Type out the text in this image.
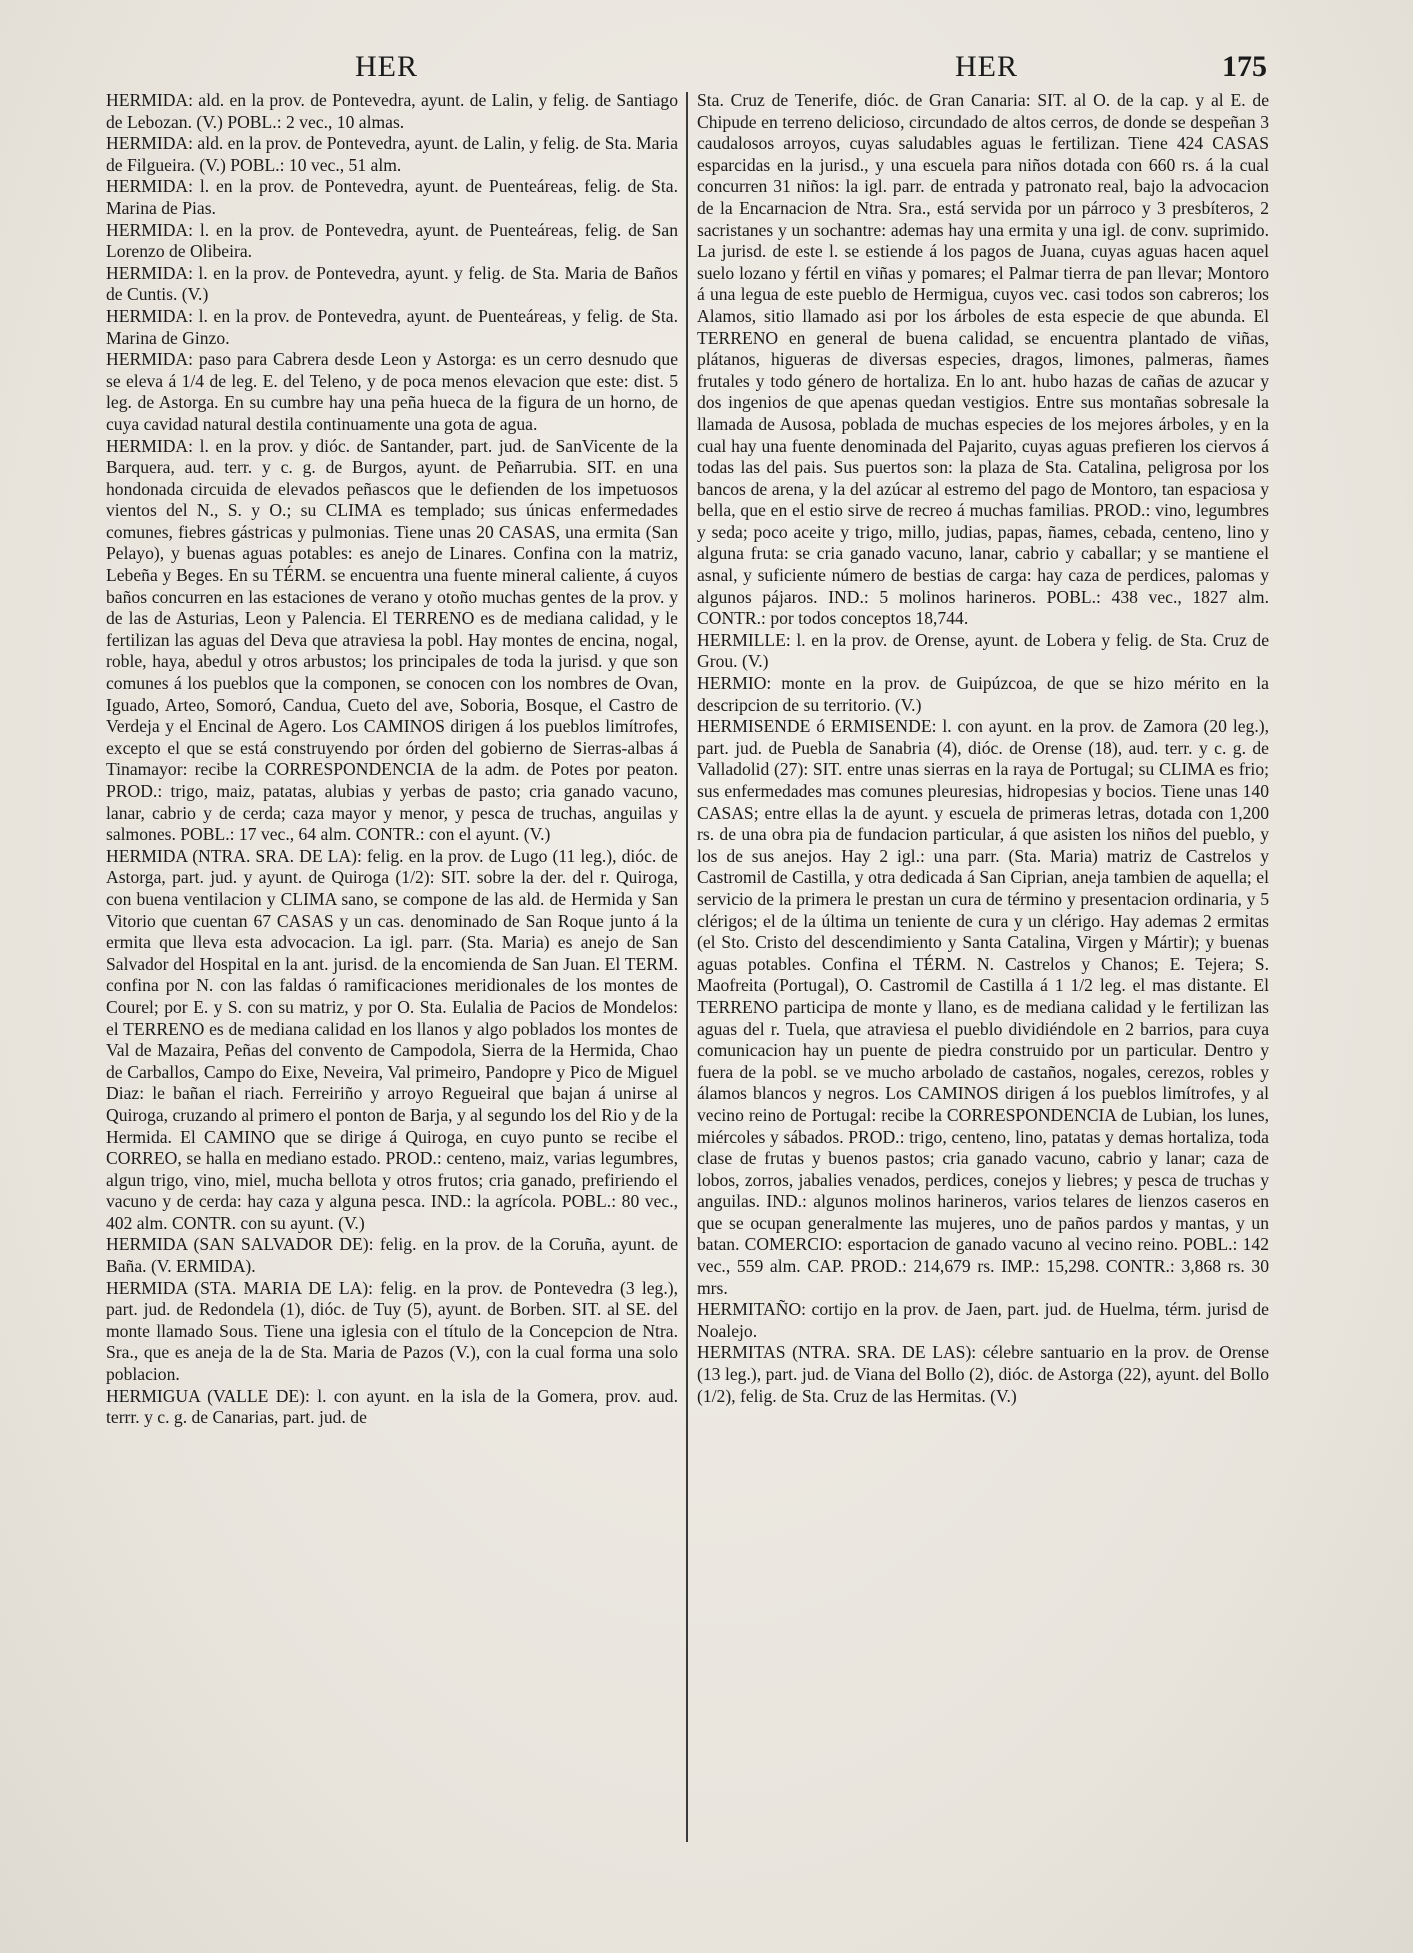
HER	HER	175

HERMIDA: ald. en la prov. de Pontevedra, ayunt. de Lalin, y felig. de Santiago de Lebozan. (V.) POBL.: 2 vec., 10 almas.

HERMIDA: ald. en la prov. de Pontevedra, ayunt. de Lalin, y felig. de Sta. Maria de Filgueira. (V.) POBL.: 10 vec., 51 alm.

HERMIDA: l. en la prov. de Pontevedra, ayunt. de Puenteáreas, felig. de Sta. Marina de Pias.

HERMIDA: l. en la prov. de Pontevedra, ayunt. de Puenteáreas, felig. de San Lorenzo de Olibeira.

HERMIDA: l. en la prov. de Pontevedra, ayunt. y felig. de Sta. Maria de Baños de Cuntis. (V.)

HERMIDA: l. en la prov. de Pontevedra, ayunt. de Puenteáreas, y felig. de Sta. Marina de Ginzo.

HERMIDA: paso para Cabrera desde Leon y Astorga: es un cerro desnudo que se eleva á 1/4 de leg. E. del Teleno, y de poca menos elevacion que este: dist. 5 leg. de Astorga. En su cumbre hay una peña hueca de la figura de un horno, de cuya cavidad natural destila continuamente una gota de agua.

HERMIDA: l. en la prov. y dióc. de Santander, part. jud. de SanVicente de la Barquera, aud. terr. y c. g. de Burgos, ayunt. de Peñarrubia. SIT. en una hondonada circuida de elevados peñascos que le defienden de los impetuosos vientos del N., S. y O.; su CLIMA es templado; sus únicas enfermedades comunes, fiebres gástricas y pulmonias. Tiene unas 20 CASAS, una ermita (San Pelayo), y buenas aguas potables: es anejo de Linares. Confina con la matriz, Lebeña y Beges. En su TÉRM. se encuentra una fuente mineral caliente, á cuyos baños concurren en las estaciones de verano y otoño muchas gentes de la prov. y de las de Asturias, Leon y Palencia. El TERRENO es de mediana calidad, y le fertilizan las aguas del Deva que atraviesa la pobl. Hay montes de encina, nogal, roble, haya, abedul y otros arbustos; los principales de toda la jurisd. y que son comunes á los pueblos que la componen, se conocen con los nombres de Ovan, Iguado, Arteo, Somoró, Candua, Cueto del ave, Soboria, Bosque, el Castro de Verdeja y el Encinal de Agero. Los CAMINOS dirigen á los pueblos limítrofes, excepto el que se está construyendo por órden del gobierno de Sierras-albas á Tinamayor: recibe la CORRESPONDENCIA de la adm. de Potes por peaton. PROD.: trigo, maiz, patatas, alubias y yerbas de pasto; cria ganado vacuno, lanar, cabrio y de cerda; caza mayor y menor, y pesca de truchas, anguilas y salmones. POBL.: 17 vec., 64 alm. CONTR.: con el ayunt. (V.)

HERMIDA (NTRA. SRA. DE LA): felig. en la prov. de Lugo (11 leg.), dióc. de Astorga, part. jud. y ayunt. de Quiroga (1/2): SIT. sobre la der. del r. Quiroga, con buena ventilacion y CLIMA sano, se compone de las ald. de Hermida y San Vitorio que cuentan 67 CASAS y un cas. denominado de San Roque junto á la ermita que lleva esta advocacion. La igl. parr. (Sta. Maria) es anejo de San Salvador del Hospital en la ant. jurisd. de la encomienda de San Juan. El TERM. confina por N. con las faldas ó ramificaciones meridionales de los montes de Courel; por E. y S. con su matriz, y por O. Sta. Eulalia de Pacios de Mondelos: el TERRENO es de mediana calidad en los llanos y algo poblados los montes de Val de Mazaira, Peñas del convento de Campodola, Sierra de la Hermida, Chao de Carballos, Campo do Eixe, Neveira, Val primeiro, Pandopre y Pico de Miguel Diaz: le bañan el riach. Ferreiriño y arroyo Regueiral que bajan á unirse al Quiroga, cruzando al primero el ponton de Barja, y al segundo los del Rio y de la Hermida. El CAMINO que se dirige á Quiroga, en cuyo punto se recibe el CORREO, se halla en mediano estado. PROD.: centeno, maiz, varias legumbres, algun trigo, vino, miel, mucha bellota y otros frutos; cria ganado, prefiriendo el vacuno y de cerda: hay caza y alguna pesca. IND.: la agrícola. POBL.: 80 vec., 402 alm. CONTR. con su ayunt. (V.)

HERMIDA (SAN SALVADOR DE): felig. en la prov. de la Coruña, ayunt. de Baña. (V. ERMIDA).

HERMIDA (STA. MARIA DE LA): felig. en la prov. de Pontevedra (3 leg.), part. jud. de Redondela (1), dióc. de Tuy (5), ayunt. de Borben. SIT. al SE. del monte llamado Sous. Tiene una iglesia con el título de la Concepcion de Ntra. Sra., que es aneja de la de Sta. Maria de Pazos (V.), con la cual forma una solo poblacion.

HERMIGUA (VALLE DE): l. con ayunt. en la isla de la Gomera, prov. aud. terrr. y c. g. de Canarias, part. jud. de

Sta. Cruz de Tenerife, dióc. de Gran Canaria: SIT. al O. de la cap. y al E. de Chipude en terreno delicioso, circundado de altos cerros, de donde se despeñan 3 caudalosos arroyos, cuyas saludables aguas le fertilizan. Tiene 424 CASAS esparcidas en la jurisd., y una escuela para niños dotada con 660 rs. á la cual concurren 31 niños: la igl. parr. de entrada y patronato real, bajo la advocacion de la Encarnacion de Ntra. Sra., está servida por un párroco y 3 presbíteros, 2 sacristanes y un sochantre: ademas hay una ermita y una igl. de conv. suprimido. La jurisd. de este l. se estiende á los pagos de Juana, cuyas aguas hacen aquel suelo lozano y fértil en viñas y pomares; el Palmar tierra de pan llevar; Montoro á una legua de este pueblo de Hermigua, cuyos vec. casi todos son cabreros; los Alamos, sitio llamado asi por los árboles de esta especie de que abunda. El TERRENO en general de buena calidad, se encuentra plantado de viñas, plátanos, higueras de diversas especies, dragos, limones, palmeras, ñames frutales y todo género de hortaliza. En lo ant. hubo hazas de cañas de azucar y dos ingenios de que apenas quedan vestigios. Entre sus montañas sobresale la llamada de Ausosa, poblada de muchas especies de los mejores árboles, y en la cual hay una fuente denominada del Pajarito, cuyas aguas prefieren los ciervos á todas las del pais. Sus puertos son: la plaza de Sta. Catalina, peligrosa por los bancos de arena, y la del azúcar al estremo del pago de Montoro, tan espaciosa y bella, que en el estio sirve de recreo á muchas familias. PROD.: vino, legumbres y seda; poco aceite y trigo, millo, judias, papas, ñames, cebada, centeno, lino y alguna fruta: se cria ganado vacuno, lanar, cabrio y caballar; y se mantiene el asnal, y suficiente número de bestias de carga: hay caza de perdices, palomas y algunos pájaros. IND.: 5 molinos harineros. POBL.: 438 vec., 1827 alm. CONTR.: por todos conceptos 18,744.

HERMILLE: l. en la prov. de Orense, ayunt. de Lobera y felig. de Sta. Cruz de Grou. (V.)

HERMIO: monte en la prov. de Guipúzcoa, de que se hizo mérito en la descripcion de su territorio. (V.)

HERMISENDE ó ERMISENDE: l. con ayunt. en la prov. de Zamora (20 leg.), part. jud. de Puebla de Sanabria (4), dióc. de Orense (18), aud. terr. y c. g. de Valladolid (27): SIT. entre unas sierras en la raya de Portugal; su CLIMA es frio; sus enfermedades mas comunes pleuresias, hidropesias y bocios. Tiene unas 140 CASAS; entre ellas la de ayunt. y escuela de primeras letras, dotada con 1,200 rs. de una obra pia de fundacion particular, á que asisten los niños del pueblo, y los de sus anejos. Hay 2 igl.: una parr. (Sta. Maria) matriz de Castrelos y Castromil de Castilla, y otra dedicada á San Ciprian, aneja tambien de aquella; el servicio de la primera le prestan un cura de término y presentacion ordinaria, y 5 clérigos; el de la última un teniente de cura y un clérigo. Hay ademas 2 ermitas (el Sto. Cristo del descendimiento y Santa Catalina, Virgen y Mártir); y buenas aguas potables. Confina el TÉRM. N. Castrelos y Chanos; E. Tejera; S. Maofreita (Portugal), O. Castromil de Castilla á 1 1/2 leg. el mas distante. El TERRENO participa de monte y llano, es de mediana calidad y le fertilizan las aguas del r. Tuela, que atraviesa el pueblo dividiéndole en 2 barrios, para cuya comunicacion hay un puente de piedra construido por un particular. Dentro y fuera de la pobl. se ve mucho arbolado de castaños, nogales, cerezos, robles y álamos blancos y negros. Los CAMINOS dirigen á los pueblos limítrofes, y al vecino reino de Portugal: recibe la CORRESPONDENCIA de Lubian, los lunes, miércoles y sábados. PROD.: trigo, centeno, lino, patatas y demas hortaliza, toda clase de frutas y buenos pastos; cria ganado vacuno, cabrio y lanar; caza de lobos, zorros, jabalies venados, perdices, conejos y liebres; y pesca de truchas y anguilas. IND.: algunos molinos harineros, varios telares de lienzos caseros en que se ocupan generalmente las mujeres, uno de paños pardos y mantas, y un batan. COMERCIO: esportacion de ganado vacuno al vecino reino. POBL.: 142 vec., 559 alm. CAP. PROD.: 214,679 rs. IMP.: 15,298. CONTR.: 3,868 rs. 30 mrs.

HERMITAÑO: cortijo en la prov. de Jaen, part. jud. de Huelma, térm. jurisd de Noalejo.

HERMITAS (NTRA. SRA. DE LAS): célebre santuario en la prov. de Orense (13 leg.), part. jud. de Viana del Bollo (2), dióc. de Astorga (22), ayunt. del Bollo (1/2), felig. de Sta. Cruz de las Hermitas. (V.)
